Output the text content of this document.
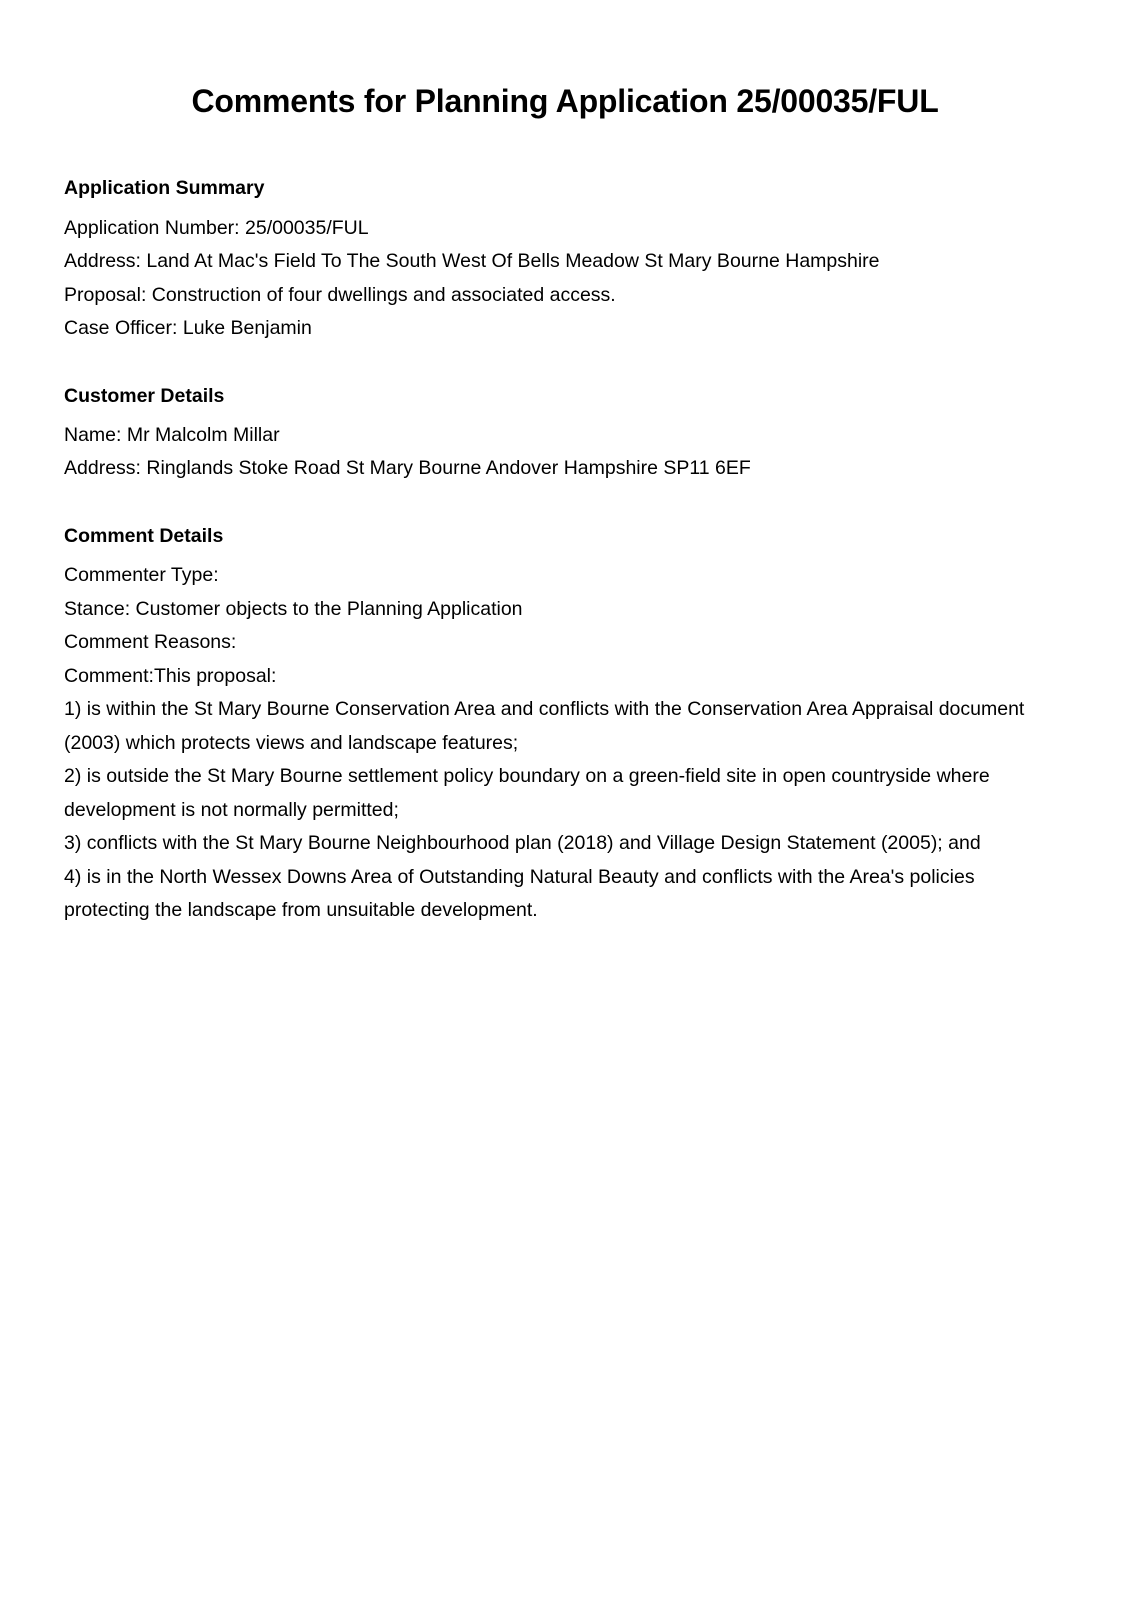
Comments for Planning Application 25/00035/FUL
Application Summary

Application Number: 25/00035/FUL

Address: Land At Mac's Field To The South West Of Bells Meadow St Mary Bourne Hampshire

Proposal: Construction of four dwellings and associated access.

Case Officer: Luke Benjamin

Customer Details

Name: Mr Malcolm Millar

Address: Ringlands Stoke Road St Mary Bourne Andover Hampshire SP11 6EF

Comment Details

Commenter Type:

Stance: Customer objects to the Planning Application

Comment Reasons:

Comment:This proposal:

1) is within the St Mary Bourne Conservation Area and conflicts with the Conservation Area Appraisal document (2003) which protects views and landscape features;

2) is outside the St Mary Bourne settlement policy boundary on a green-field site in open countryside where development is not normally permitted;

3) conflicts with the St Mary Bourne Neighbourhood plan (2018) and Village Design Statement (2005); and

4) is in the North Wessex Downs Area of Outstanding Natural Beauty and conflicts with the Area's policies protecting the landscape from unsuitable development.
